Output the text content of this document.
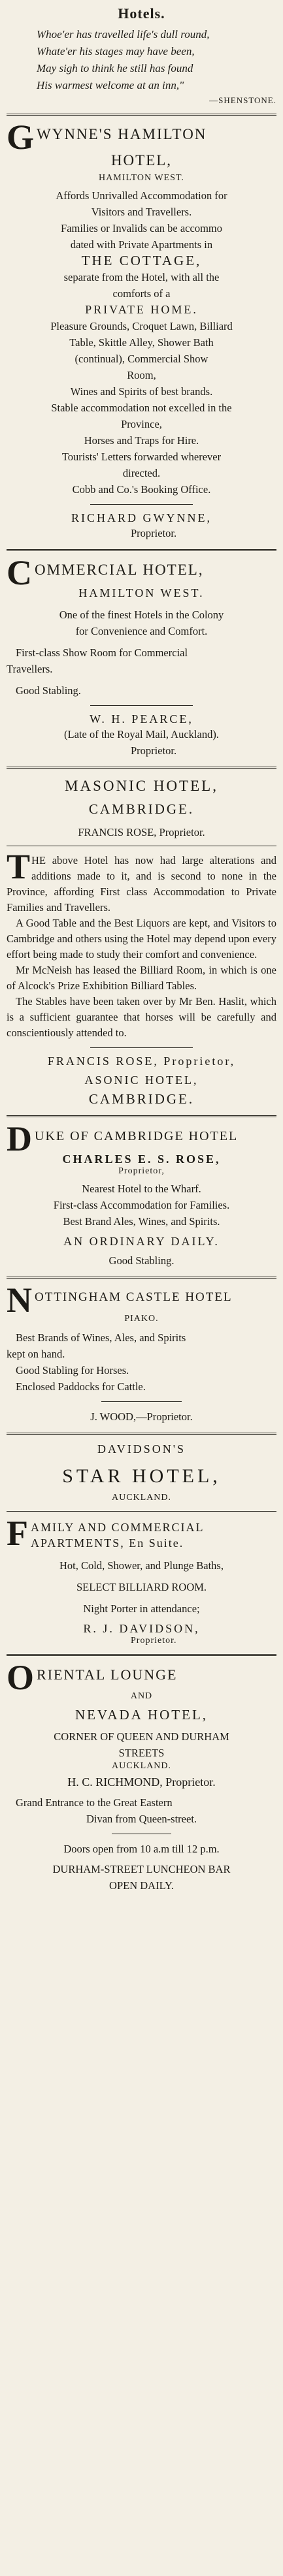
Hotels.
Whoe'er has travelled life's dull round,
Whate'er his stages may have been,
May sigh to think he still has found
His warmest welcome at an inn,"
—SHENSTONE.
G WYNNE'S HAMILTON
HOTEL,
HAMILTON WEST.
Affords Unrivalled Accommodation for
Visitors and Travellers.
Families or Invalids can be accommo
dated with Private Apartments in
THE COTTAGE,
separate from the Hotel, with all the
comforts of a
PRIVATE HOME.
Pleasure Grounds, Croquet Lawn, Billiard
Table, Skittle Alley, Shower Bath
(continual), Commercial Show
Room,
Wines and Spirits of best brands.
Stable accommodation not excelled in the
Province,
Horses and Traps for Hire.
Tourists' Letters forwarded wherever
directed.
Cobb and Co.'s Booking Office.
RICHARD GWYNNE,
Proprietor.
C OMMERCIAL HOTEL,
HAMILTON WEST.
One of the finest Hotels in the Colony
for Convenience and Comfort.
First-class Show Room for Commercial
Travellers.
Good Stabling.
W. H. PEARCE,
(Late of the Royal Mail, Auckland).
Proprietor.
MASONIC HOTEL,
CAMBRIDGE.
FRANCIS ROSE, Proprietor.

T HE above Hotel has now had large alterations and additions made to it, and is second to none in the Province, affording First class Accommodation to Private Families and Travellers.

A Good Table and the Best Liquors are kept, and Visitors to Cambridge and others using the Hotel may depend upon every effort being made to study their comfort and convenience.

Mr McNeish has leased the Billiard Room, in which is one of Alcock's Prize Exhibition Billiard Tables.

The Stables have been taken over by Mr Ben. Haslit, which is a sufficient guarantee that horses will be carefully and conscientiously attended to.

FRANCIS ROSE, Proprietor,
ASONIC HOTEL,
CAMBRIDGE.
D UKE OF CAMBRIDGE HOTEL
CHARLES E. S. ROSE,
Proprietor,
Nearest Hotel to the Wharf.
First-class Accommodation for Families.
Best Brand Ales, Wines, and Spirits.
AN ORDINARY DAILY.
Good Stabling.
N OTTINGHAM CASTLE HOTEL
PIAKO.
Best Brands of Wines, Ales, and Spirits
kept on hand.
Good Stabling for Horses.
Enclosed Paddocks for Cattle.
J. WOOD,—Proprietor.
DAVIDSON'S
STAR HOTEL,
AUCKLAND.
F AMILY AND COMMERCIAL
APARTMENTS, En Suite.
Hot, Cold, Shower, and Plunge Baths,
SELECT BILLIARD ROOM.
Night Porter in attendance;
R. J. DAVIDSON,
Proprietor.
O RIENTAL LOUNGE
AND
NEVADA HOTEL,
CORNER OF QUEEN AND DURHAM
STREETS
AUCKLAND.
H. C. RICHMOND, Proprietor.
Grand Entrance to the Great Eastern
Divan from Queen-street.
Doors open from 10 a.m till 12 p.m.
DURHAM-STREET LUNCHEON BAR
OPEN DAILY.
